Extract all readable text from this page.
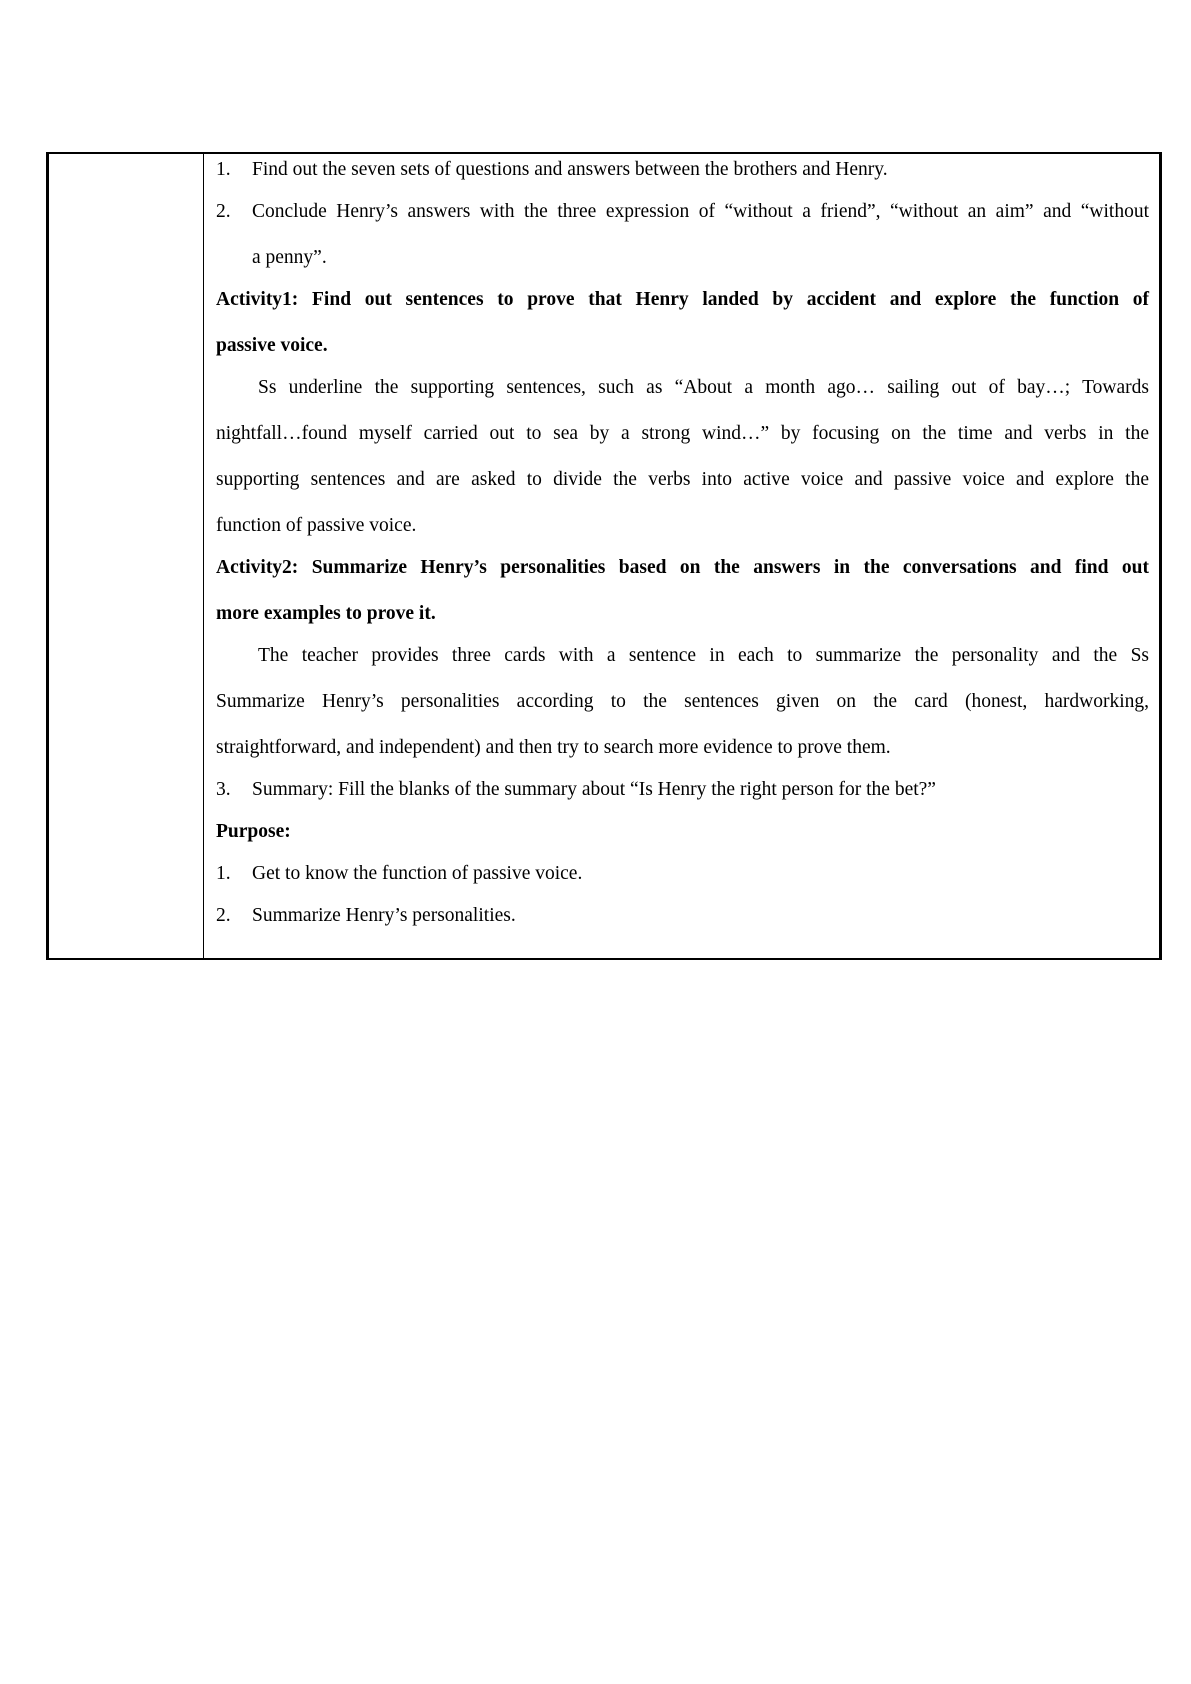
1. Find out the seven sets of questions and answers between the brothers and Henry.
2. Conclude Henry’s answers with the three expression of “without a friend”, “without an aim” and “without
a penny”.
Activity1: Find out sentences to prove that Henry landed by accident and explore the function of
passive voice.
Ss underline the supporting sentences, such as “About a month ago… sailing out of bay…; Towards
nightfall…found myself carried out to sea by a strong wind…” by focusing on the time and verbs in the
supporting sentences and are asked to divide the verbs into active voice and passive voice and explore the
function of passive voice.
Activity2: Summarize Henry’s personalities based on the answers in the conversations and find out
more examples to prove it.
The teacher provides three cards with a sentence in each to summarize the personality and the Ss
Summarize Henry’s personalities according to the sentences given on the card (honest, hardworking,
straightforward, and independent) and then try to search more evidence to prove them.
3. Summary: Fill the blanks of the summary about “Is Henry the right person for the bet?”
Purpose:
1. Get to know the function of passive voice.
2. Summarize Henry’s personalities.
